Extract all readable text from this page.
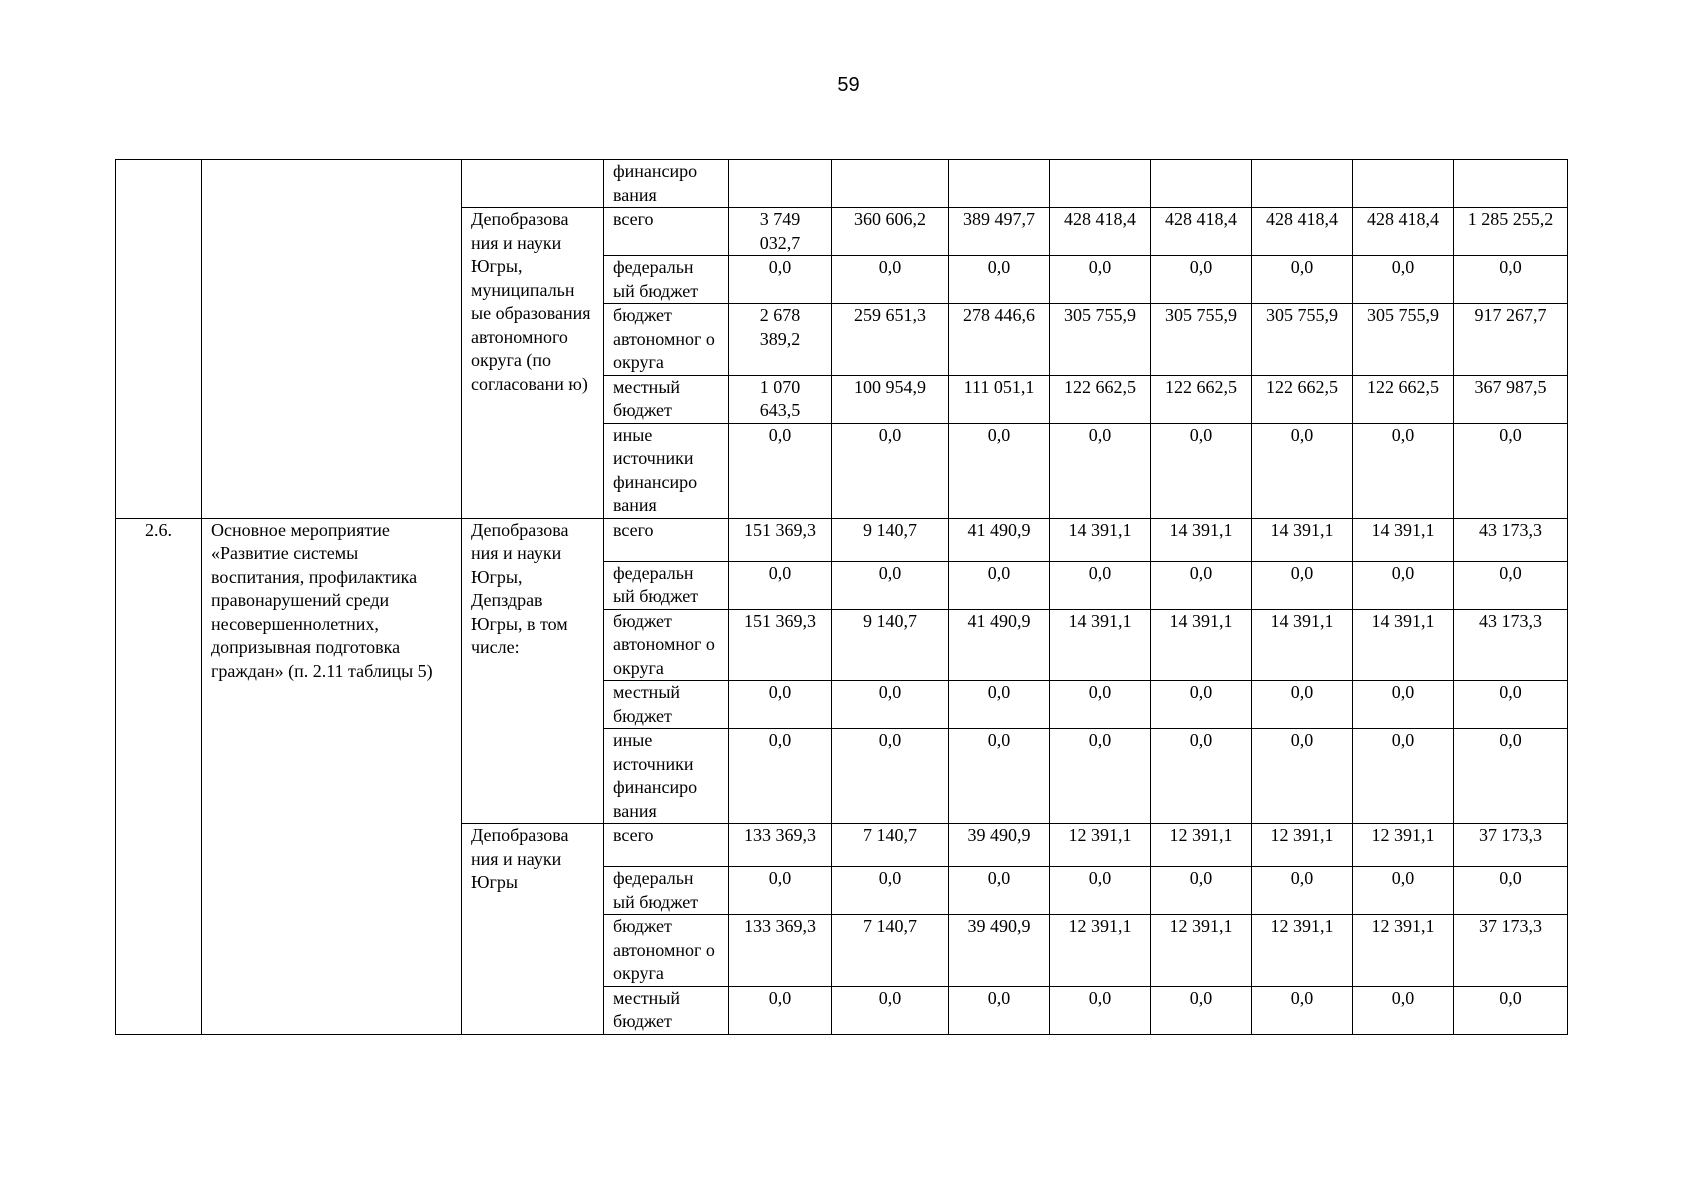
59
			финансиро вания								
		Депобразова ния и науки Югры, муниципальн ые образования автономного округа (по согласовани ю)	всего	3 749 032,7	360 606,2	389 497,7	428 418,4	428 418,4	428 418,4	428 418,4	1 285 255,2
			федеральн ый бюджет	0,0	0,0	0,0	0,0	0,0	0,0	0,0	0,0
			бюджет автономног о округа	2 678 389,2	259 651,3	278 446,6	305 755,9	305 755,9	305 755,9	305 755,9	917 267,7
			местный бюджет	1 070 643,5	100 954,9	111 051,1	122 662,5	122 662,5	122 662,5	122 662,5	367 987,5
			иные источники финансиро вания	0,0	0,0	0,0	0,0	0,0	0,0	0,0	0,0
2.6.	Основное мероприятие «Развитие системы воспитания, профилактика правонарушений среди несовершеннолетних, допризывная подготовка граждан» (п. 2.11 таблицы 5)	Депобразова ния и науки Югры, Депздрав Югры, в том числе:	всего	151 369,3	9 140,7	41 490,9	14 391,1	14 391,1	14 391,1	14 391,1	43 173,3
			федеральн ый бюджет	0,0	0,0	0,0	0,0	0,0	0,0	0,0	0,0
			бюджет автономног о округа	151 369,3	9 140,7	41 490,9	14 391,1	14 391,1	14 391,1	14 391,1	43 173,3
			местный бюджет	0,0	0,0	0,0	0,0	0,0	0,0	0,0	0,0
			иные источники финансиро вания	0,0	0,0	0,0	0,0	0,0	0,0	0,0	0,0
		Депобразова ния и науки Югры	всего	133 369,3	7 140,7	39 490,9	12 391,1	12 391,1	12 391,1	12 391,1	37 173,3
			федеральн ый бюджет	0,0	0,0	0,0	0,0	0,0	0,0	0,0	0,0
			бюджет автономног о округа	133 369,3	7 140,7	39 490,9	12 391,1	12 391,1	12 391,1	12 391,1	37 173,3
			местный бюджет	0,0	0,0	0,0	0,0	0,0	0,0	0,0	0,0
